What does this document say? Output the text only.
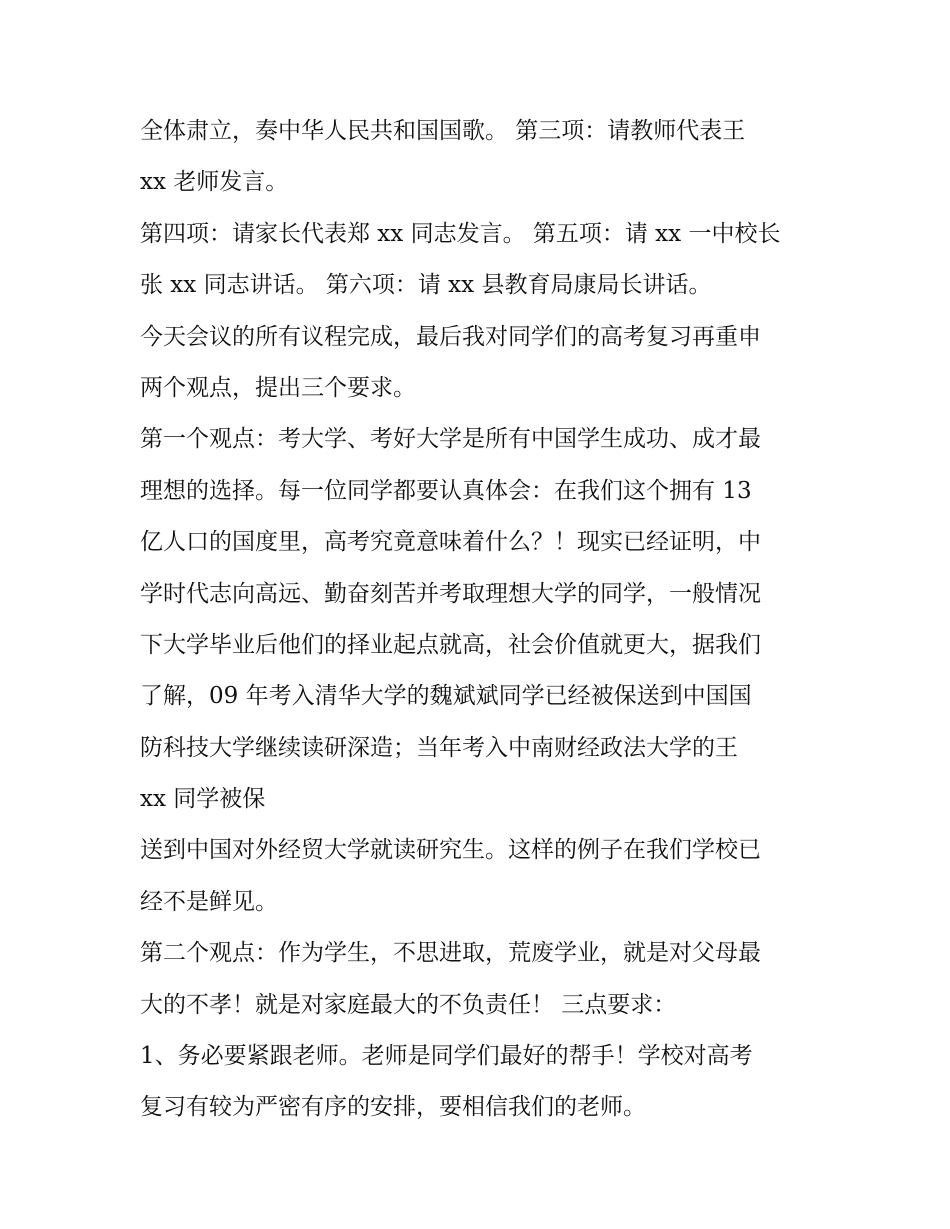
全体肃立，奏中华人民共和国国歌。 第三项：请教师代表王
xx 老师发言。
第四项：请家长代表郑 xx 同志发言。 第五项：请 xx 一中校长
张 xx 同志讲话。 第六项：请 xx 县教育局康局长讲话。
今天会议的所有议程完成，最后我对同学们的高考复习再重申
两个观点，提出三个要求。
第一个观点：考大学、考好大学是所有中国学生成功、成才最
理想的选择。每一位同学都要认真体会：在我们这个拥有 13
亿人口的国度里，高考究竟意味着什么？！现实已经证明，中
学时代志向高远、勤奋刻苦并考取理想大学的同学，一般情况
下大学毕业后他们的择业起点就高，社会价值就更大，据我们
了解，09 年考入清华大学的魏斌斌同学已经被保送到中国国
防科技大学继续读研深造；当年考入中南财经政法大学的王
xx 同学被保
送到中国对外经贸大学就读研究生。这样的例子在我们学校已
经不是鲜见。
第二个观点：作为学生，不思进取，荒废学业，就是对父母最
大的不孝！就是对家庭最大的不负责任！ 三点要求：
1、务必要紧跟老师。老师是同学们最好的帮手！学校对高考
复习有较为严密有序的安排，要相信我们的老师。
